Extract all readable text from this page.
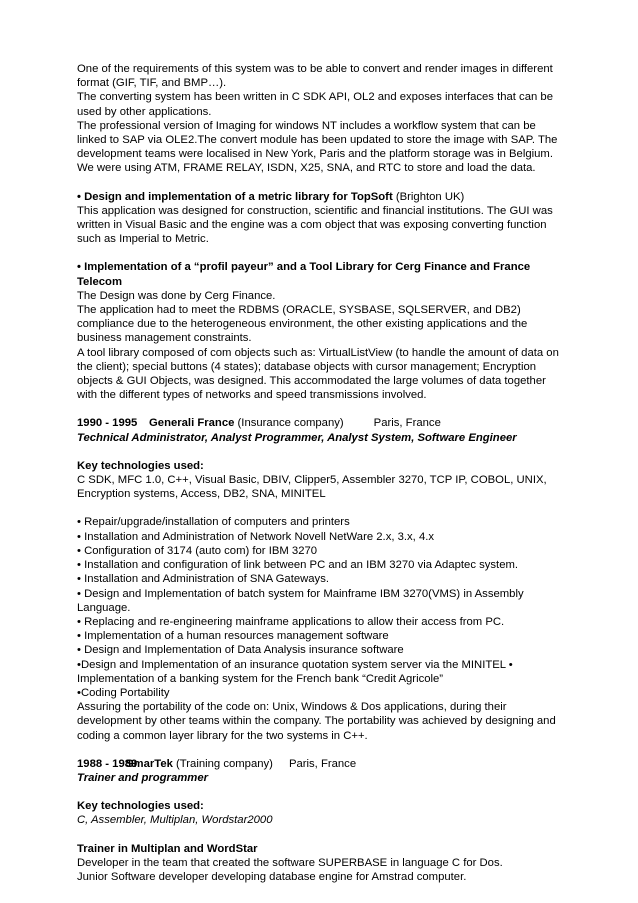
One of the requirements of this system was to be able to convert and render images in different format (GIF, TIF, and BMP…).

The converting system has been written in C SDK API, OL2 and exposes interfaces that can be used by other applications.

The professional version of Imaging for windows NT includes a workflow system that can be linked to SAP via OLE2.The convert module has been updated to store the image with SAP. The development teams were localised in New York, Paris and the platform storage was in Belgium. We were using ATM, FRAME RELAY, ISDN, X25, SNA, and RTC to store and load the data.

• Design and implementation of a metric library for TopSoft (Brighton UK)

This application was designed for construction, scientific and financial institutions. The GUI was written in Visual Basic and the engine was a com object that was exposing converting function such as Imperial to Metric.

• Implementation of a “profil payeur” and a Tool Library for Cerg Finance and France Telecom

The Design was done by Cerg Finance.

The application had to meet the RDBMS (ORACLE, SYSBASE, SQLSERVER, and DB2) compliance due to the heterogeneous environment, the other existing applications and the business management constraints.

A tool library composed of com objects such as: VirtualListView (to handle the amount of data on the client); special buttons (4 states); database objects with cursor management; Encryption objects & GUI Objects, was designed. This accommodated the large volumes of data together with the different types of networks and speed transmissions involved.

1990 - 1995 Generali France (Insurance company)	Paris, France

Technical Administrator, Analyst Programmer, Analyst System, Software Engineer

Key technologies used:

C SDK, MFC 1.0, C++, Visual Basic, DBIV, Clipper5, Assembler 3270, TCP IP, COBOL, UNIX, Encryption systems, Access, DB2, SNA, MINITEL

• Repair/upgrade/installation of computers and printers
• Installation and Administration of Network Novell NetWare 2.x, 3.x, 4.x
• Configuration of 3174 (auto com) for IBM 3270
• Installation and configuration of link between PC and an IBM 3270 via Adaptec system.
• Installation and Administration of SNA Gateways.
• Design and Implementation of batch system for Mainframe IBM 3270(VMS) in Assembly Language.
• Replacing and re-engineering mainframe applications to allow their access from PC.
• Implementation of a human resources management software
• Design and Implementation of Data Analysis insurance software

•Design and Implementation of an insurance quotation system server via the MINITEL • Implementation of a banking system for the French bank “Credit Agricole”

•Coding Portability

Assuring the portability of the code on: Unix, Windows & Dos applications, during their development by other teams within the company. The portability was achieved by designing and coding a common layer library for the two systems in C++.

1988 - 1989SmarTek (Training company) Paris, France

Trainer and programmer

Key technologies used:

C, Assembler, Multiplan, Wordstar2000

Trainer in Multiplan and WordStar

Developer in the team that created the software SUPERBASE in language C for Dos.

Junior Software developer developing database engine for Amstrad computer.
